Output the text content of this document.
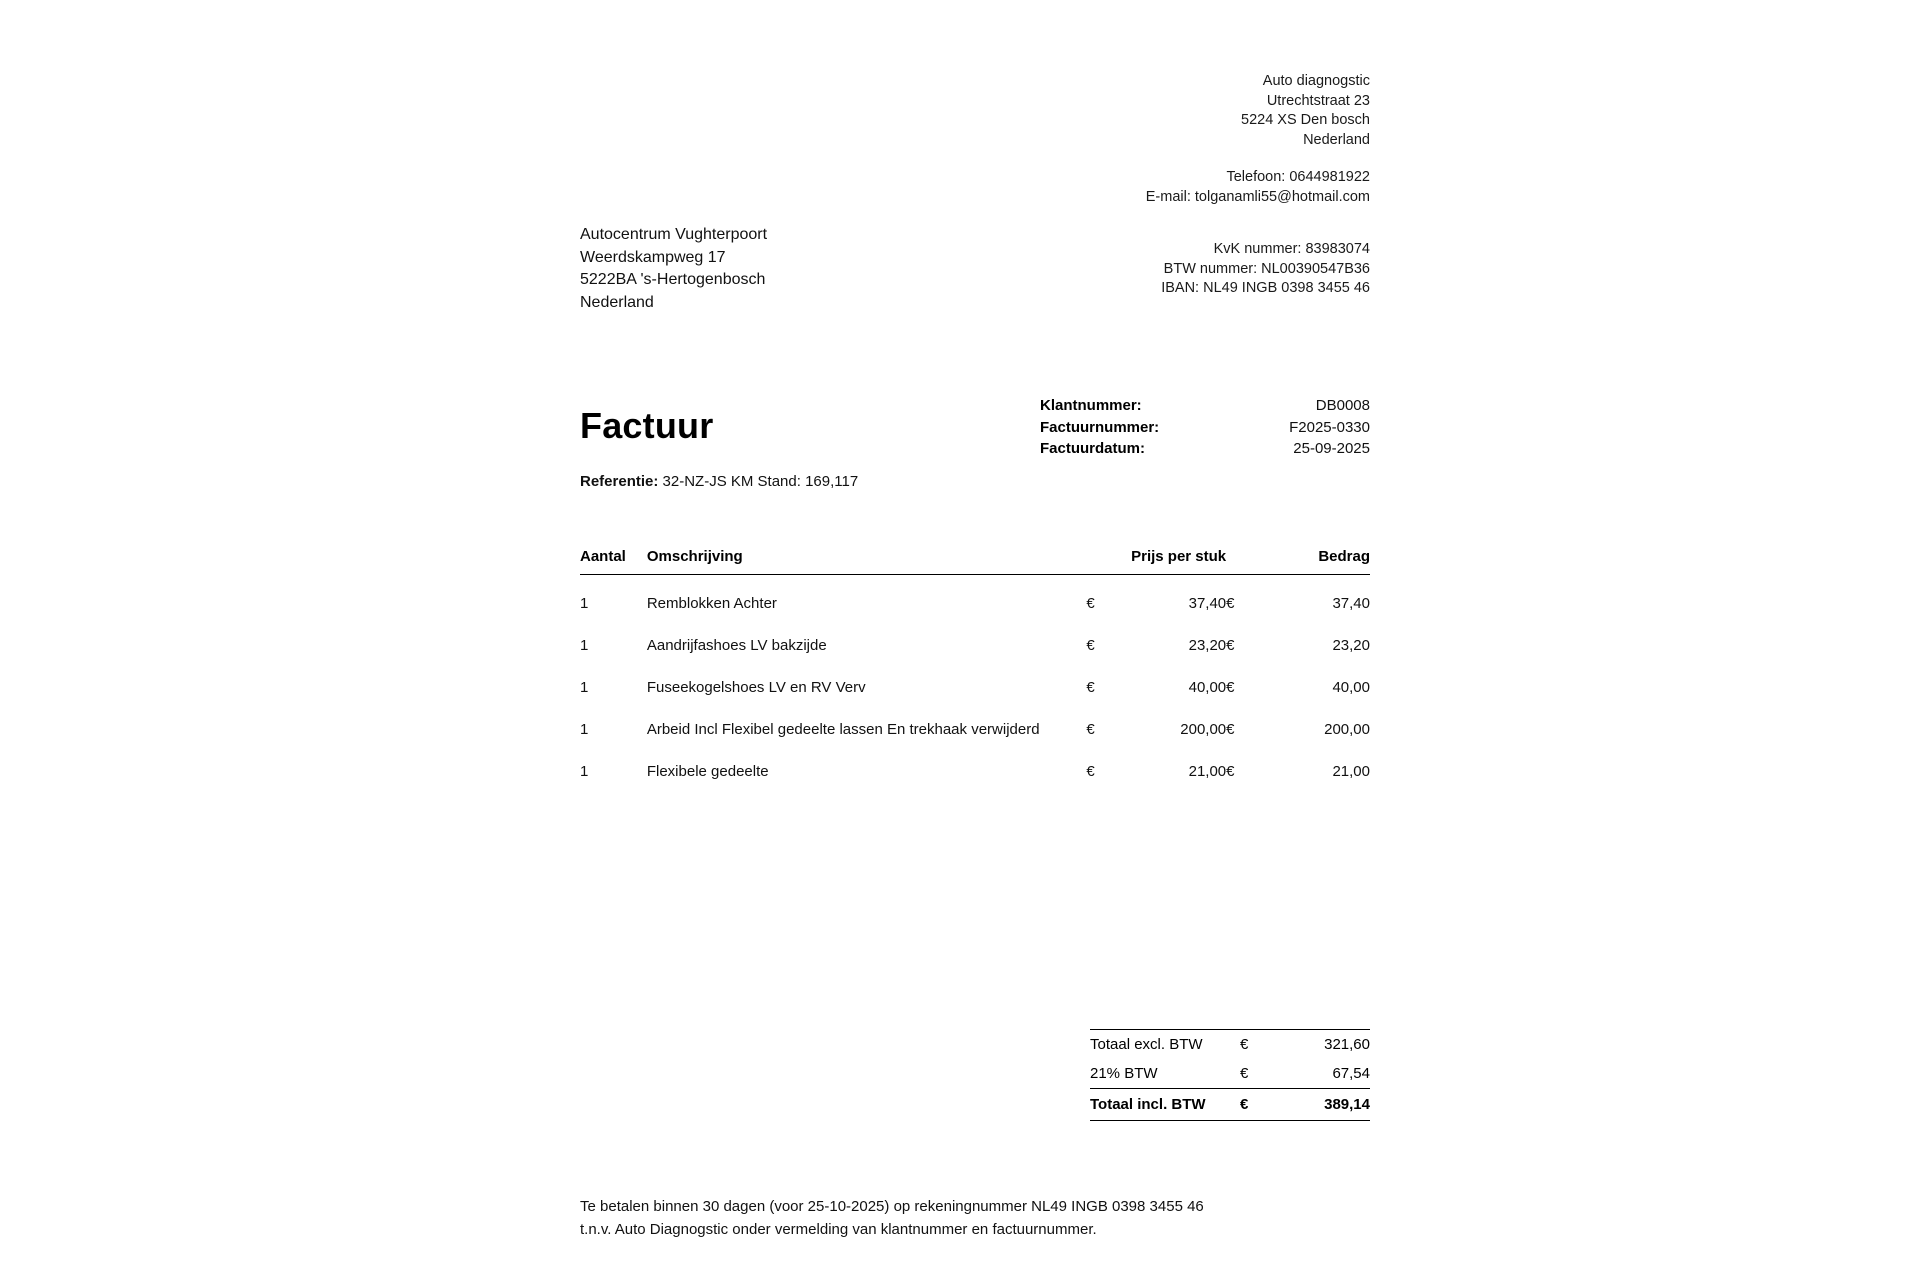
Auto diagnogstic
Utrechtstraat 23
5224 XS Den bosch
Nederland
Telefoon: 0644981922
E-mail: tolganamli55@hotmail.com
KvK nummer: 83983074
BTW nummer: NL00390547B36
IBAN: NL49 INGB 0398 3455 46
Autocentrum Vughterpoort
Weerdskampweg 17
5222BA 's-Hertogenbosch
Nederland
Factuur
Referentie: 32-NZ-JS KM Stand: 169,117
Klantnummer:	DB0008
Factuurnummer:	F2025-0330
Factuurdatum:	25-09-2025
Aantal	Omschrijving		Prijs per stuk		Bedrag
1	Remblokken Achter	€	37,40	€	37,40
1	Aandrijfashoes LV bakzijde	€	23,20	€	23,20
1	Fuseekogelshoes LV en RV Verv	€	40,00	€	40,00
1	Arbeid Incl Flexibel gedeelte lassen En trekhaak verwijderd	€	200,00	€	200,00
1	Flexibele gedeelte	€	21,00	€	21,00
Totaal excl. BTW	€	321,60
21% BTW	€	67,54
Totaal incl. BTW	€	389,14
Te betalen binnen 30 dagen (voor 25-10-2025) op rekeningnummer NL49 INGB 0398 3455 46
t.n.v. Auto Diagnogstic onder vermelding van klantnummer en factuurnummer.
